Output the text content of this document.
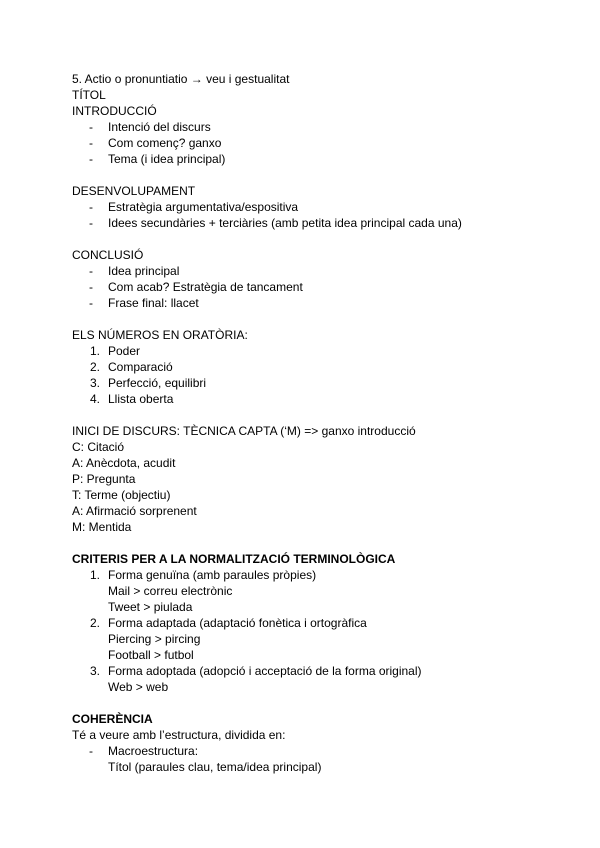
5. Actio o pronuntiatio → veu i gestualitat
TÍTOL
INTRODUCCIÓ
- Intenció del discurs
- Com començ? ganxo
- Tema (i idea principal)
DESENVOLUPAMENT
- Estratègia argumentativa/espositiva
- Idees secundàries + terciàries (amb petita idea principal cada una)
CONCLUSIÓ
- Idea principal
- Com acab? Estratègia de tancament
- Frase final: llacet
ELS NÚMEROS EN ORATÒRIA:
1. Poder
2. Comparació
3. Perfecció, equilibri
4. Llista oberta
INICI DE DISCURS: TÈCNICA CAPTA (‘M) => ganxo introducció
C: Citació
A: Anècdota, acudit
P: Pregunta
T: Terme (objectiu)
A: Afirmació sorprenent
M: Mentida
CRITERIS PER A LA NORMALITZACIÓ TERMINOLÒGICA
1. Forma genuïna (amb paraules pròpies)
Mail > correu electrònic
Tweet > piulada
2. Forma adaptada (adaptació fonètica i ortogràfica
Piercing > pircing
Football > futbol
3. Forma adoptada (adopció i acceptació de la forma original)
Web > web
COHERÈNCIA
Té a veure amb l’estructura, dividida en:
- Macroestructura:
Títol (paraules clau, tema/idea principal)
